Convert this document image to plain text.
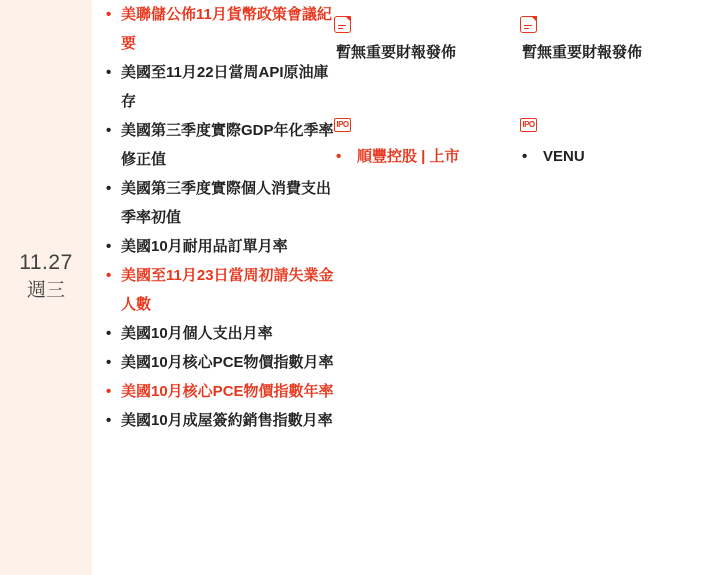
11.27
週三
• 美聯儲公佈11月貨幣政策會議紀要
• 美國至11月22日當周API原油庫存
• 美國第三季度實際GDP年化季率修正值
• 美國第三季度實際個人消費支出季率初值
• 美國10月耐用品訂單月率
• 美國至11月23日當周初請失業金人數
• 美國10月個人支出月率
• 美國10月核心PCE物價指數月率
• 美國10月核心PCE物價指數年率
• 美國10月成屋簽約銷售指數月率
暫無重要財報發佈
IPO
• 順豐控股 | 上市
暫無重要財報發佈
IPO
• VENU
